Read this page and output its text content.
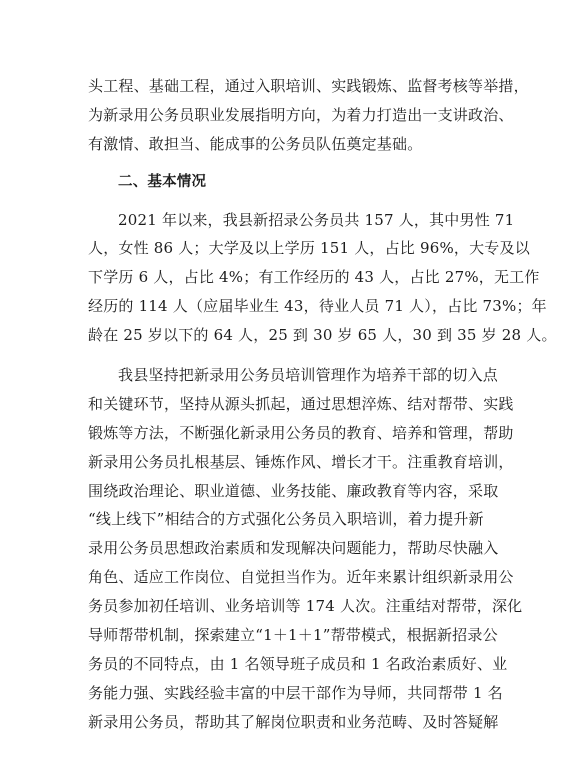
头工程、基础工程，通过入职培训、实践锻炼、监督考核等举措，
为新录用公务员职业发展指明方向，为着力打造出一支讲政治、
有激情、敢担当、能成事的公务员队伍奠定基础。
二、基本情况
2021 年以来，我县新招录公务员共 157 人，其中男性 71
人，女性 86 人；大学及以上学历 151 人，占比 96%，大专及以
下学历 6 人，占比 4%；有工作经历的 43 人，占比 27%，无工作
经历的 114 人（应届毕业生 43，待业人员 71 人），占比 73%；年
龄在 25 岁以下的 64 人，25 到 30 岁 65 人，30 到 35 岁 28 人。
我县坚持把新录用公务员培训管理作为培养干部的切入点
和关键环节，坚持从源头抓起，通过思想淬炼、结对帮带、实践
锻炼等方法，不断强化新录用公务员的教育、培养和管理，帮助
新录用公务员扎根基层、锤炼作风、增长才干。注重教育培训，
围绕政治理论、职业道德、业务技能、廉政教育等内容，采取
“线上线下”相结合的方式强化公务员入职培训，着力提升新
录用公务员思想政治素质和发现解决问题能力，帮助尽快融入
角色、适应工作岗位、自觉担当作为。近年来累计组织新录用公
务员参加初任培训、业务培训等 174 人次。注重结对帮带，深化
导师帮带机制，探索建立“1＋1＋1”帮带模式，根据新招录公
务员的不同特点，由 1 名领导班子成员和 1 名政治素质好、业
务能力强、实践经验丰富的中层干部作为导师，共同帮带 1 名
新录用公务员，帮助其了解岗位职责和业务范畴、及时答疑解
